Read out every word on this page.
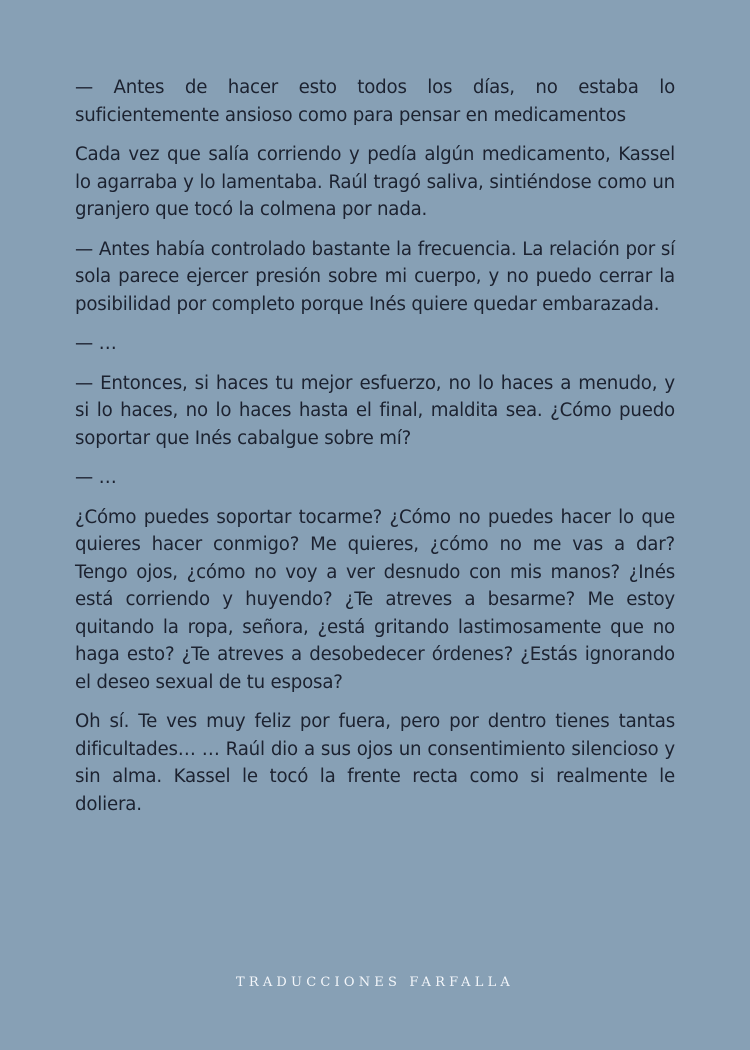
— Antes de hacer esto todos los días, no estaba lo suficientemente ansioso como para pensar en medicamentos

Cada vez que salía corriendo y pedía algún medicamento, Kassel lo agarraba y lo lamentaba. Raúl tragó saliva, sintiéndose como un granjero que tocó la colmena por nada.

— Antes había controlado bastante la frecuencia. La relación por sí sola parece ejercer presión sobre mi cuerpo, y no puedo cerrar la posibilidad por completo porque Inés quiere quedar embarazada.

— …

— Entonces, si haces tu mejor esfuerzo, no lo haces a menudo, y si lo haces, no lo haces hasta el final, maldita sea. ¿Cómo puedo soportar que Inés cabalgue sobre mí?

— …

¿Cómo puedes soportar tocarme? ¿Cómo no puedes hacer lo que quieres hacer conmigo? Me quieres, ¿cómo no me vas a dar? Tengo ojos, ¿cómo no voy a ver desnudo con mis manos? ¿Inés está corriendo y huyendo? ¿Te atreves a besarme? Me estoy quitando la ropa, señora, ¿está gritando lastimosamente que no haga esto? ¿Te atreves a desobedecer órdenes? ¿Estás ignorando el deseo sexual de tu esposa?

Oh sí. Te ves muy feliz por fuera, pero por dentro tienes tantas dificultades… … Raúl dio a sus ojos un consentimiento silencioso y sin alma. Kassel le tocó la frente recta como si realmente le doliera.

TRADUCCIONES FARFALLA
